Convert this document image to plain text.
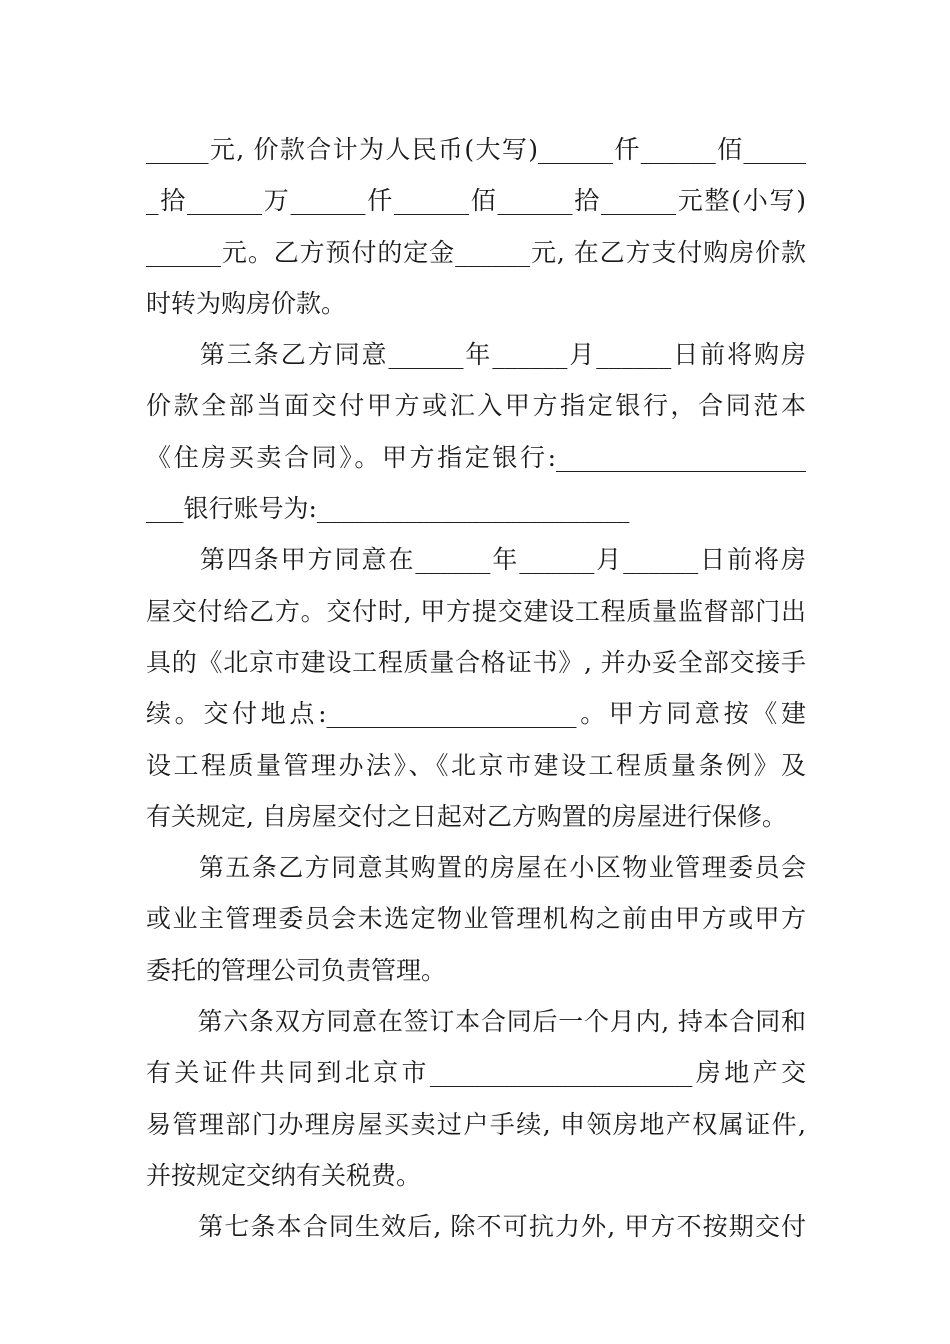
_____元, 价款合计为人民币(大写)______仟______佰_____
_拾______万______仟______佰______拾______元整(小写)
______元。乙方预付的定金______元, 在乙方支付购房价款
时转为购房价款。
　　第三条乙方同意______年______月______日前将购房
价款全部当面交付甲方或汇入甲方指定银行，合同范本
《住房买卖合同》。甲方指定银行:____________________
___银行账号为:_________________________
　　第四条甲方同意在______年______月______日前将房
屋交付给乙方。交付时, 甲方提交建设工程质量监督部门出
具的《北京市建设工程质量合格证书》, 并办妥全部交接手
续。交付地点:____________________。甲方同意按《建
设工程质量管理办法》、《北京市建设工程质量条例》及
有关规定, 自房屋交付之日起对乙方购置的房屋进行保修。
　　第五条乙方同意其购置的房屋在小区物业管理委员会
或业主管理委员会未选定物业管理机构之前由甲方或甲方
委托的管理公司负责管理。
　　第六条双方同意在签订本合同后一个月内, 持本合同和
有关证件共同到北京市_____________________房地产交
易管理部门办理房屋买卖过户手续, 申领房地产权属证件,
并按规定交纳有关税费。
　　第七条本合同生效后, 除不可抗力外, 甲方不按期交付
